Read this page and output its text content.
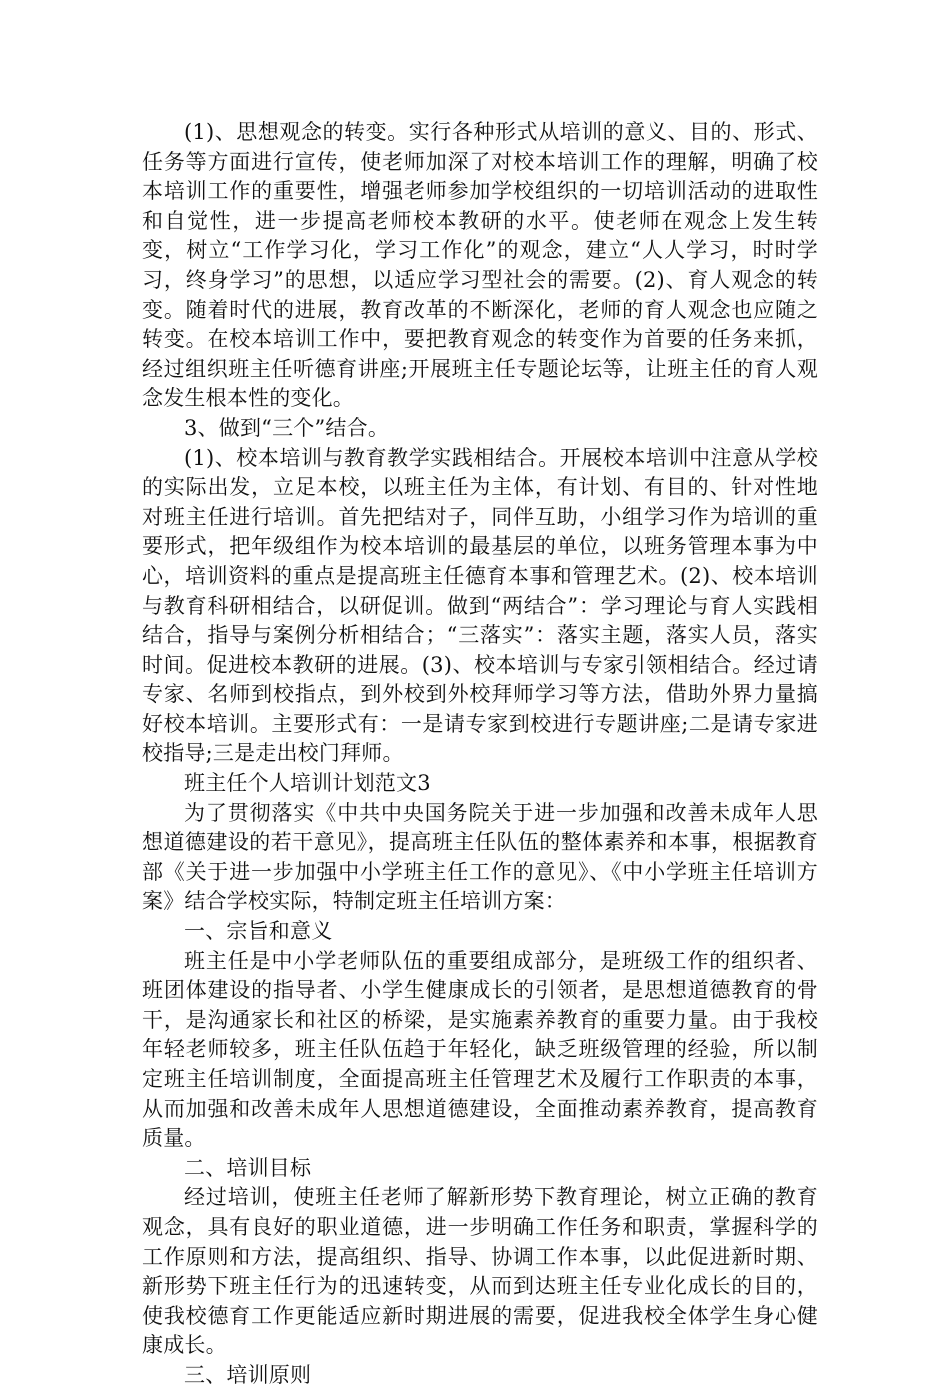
(1)、思想观念的转变。实行各种形式从培训的意义、目的、形式、任务等方面进行宣传，使老师加深了对校本培训工作的理解，明确了校本培训工作的重要性，增强老师参加学校组织的一切培训活动的进取性和自觉性，进一步提高老师校本教研的水平。使老师在观念上发生转变，树立“工作学习化，学习工作化”的观念，建立“人人学习，时时学习，终身学习”的思想，以适应学习型社会的需要。(2)、育人观念的转变。随着时代的进展，教育改革的不断深化，老师的育人观念也应随之转变。在校本培训工作中，要把教育观念的转变作为首要的任务来抓，经过组织班主任听德育讲座;开展班主任专题论坛等，让班主任的育人观念发生根本性的变化。

3、做到“三个”结合。

(1)、校本培训与教育教学实践相结合。开展校本培训中注意从学校的实际出发，立足本校，以班主任为主体，有计划、有目的、针对性地对班主任进行培训。首先把结对子，同伴互助，小组学习作为培训的重要形式，把年级组作为校本培训的最基层的单位，以班务管理本事为中心，培训资料的重点是提高班主任德育本事和管理艺术。(2)、校本培训与教育科研相结合，以研促训。做到“两结合”：学习理论与育人实践相结合，指导与案例分析相结合；“三落实”：落实主题，落实人员，落实时间。促进校本教研的进展。(3)、校本培训与专家引领相结合。经过请专家、名师到校指点，到外校到外校拜师学习等方法，借助外界力量搞好校本培训。主要形式有：一是请专家到校进行专题讲座;二是请专家进校指导;三是走出校门拜师。

班主任个人培训计划范文3

为了贯彻落实《中共中央国务院关于进一步加强和改善未成年人思想道德建设的若干意见》，提高班主任队伍的整体素养和本事，根据教育部《关于进一步加强中小学班主任工作的意见》、《中小学班主任培训方案》结合学校实际，特制定班主任培训方案：

一、宗旨和意义

班主任是中小学老师队伍的重要组成部分，是班级工作的组织者、班团体建设的指导者、小学生健康成长的引领者，是思想道德教育的骨干，是沟通家长和社区的桥梁，是实施素养教育的重要力量。由于我校年轻老师较多，班主任队伍趋于年轻化，缺乏班级管理的经验，所以制定班主任培训制度，全面提高班主任管理艺术及履行工作职责的本事，从而加强和改善未成年人思想道德建设，全面推动素养教育，提高教育质量。

二、培训目标

经过培训，使班主任老师了解新形势下教育理论，树立正确的教育观念，具有良好的职业道德，进一步明确工作任务和职责，掌握科学的工作原则和方法，提高组织、指导、协调工作本事，以此促进新时期、新形势下班主任行为的迅速转变，从而到达班主任专业化成长的目的，使我校德育工作更能适应新时期进展的需要，促进我校全体学生身心健康成长。

三、培训原则
